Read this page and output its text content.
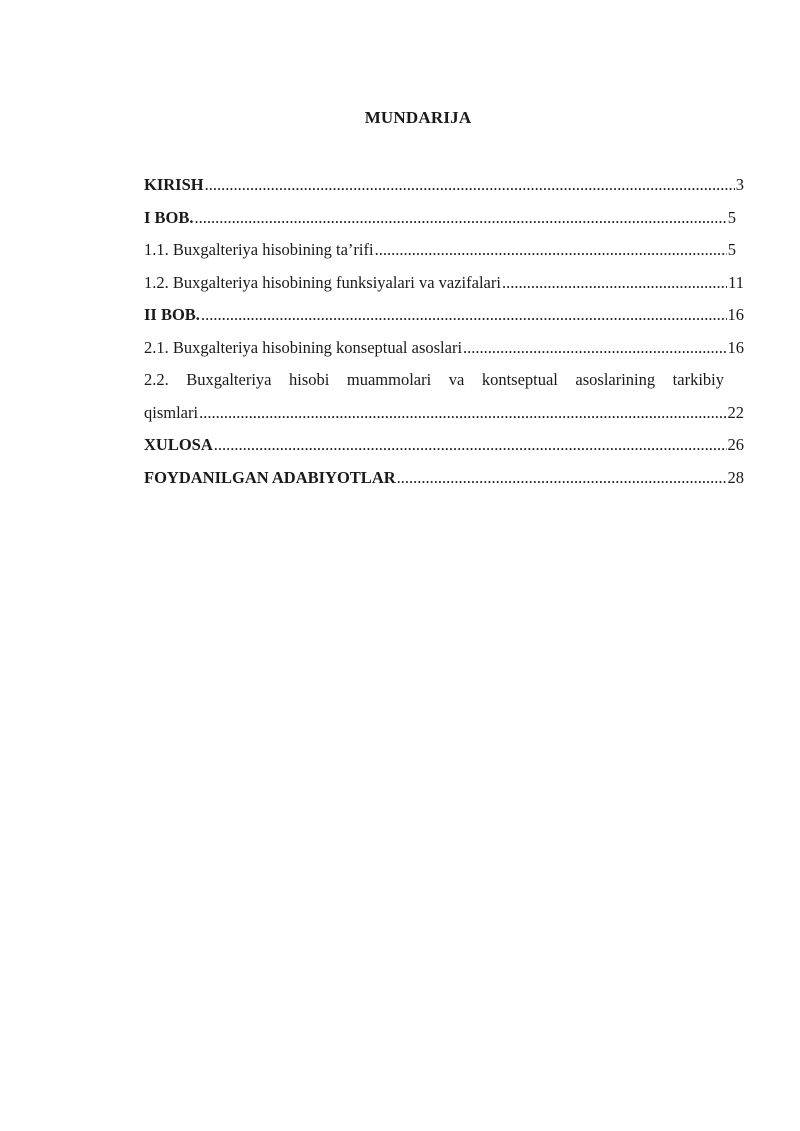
MUNDARIJA
KIRISH .....	3
I BOB. .....	5
1.1. Buxgalteriya hisobining ta’rifi .....	5
1.2. Buxgalteriya hisobining funksiyalari va vazifalari .....	11
II BOB. .....	16
2.1. Buxgalteriya hisobining konseptual asoslari .....	16
2.2. Buxgalteriya hisobi muammolari va kontseptual asoslarining tarkibiy
qismlari .....	22
XULOSA .....	26
FOYDANILGAN ADABIYOTLAR .....	28
